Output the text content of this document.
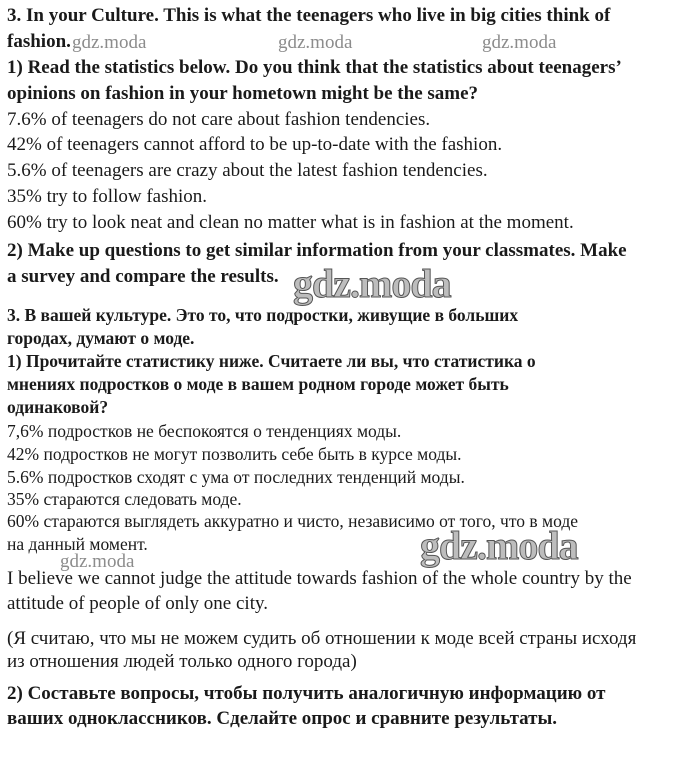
3. In your Culture. This is what the teenagers who live in big cities think of
fashion.
1) Read the statistics below. Do you think that the statistics about teenagers’
opinions on fashion in your hometown might be the same?
7.6% of teenagers do not care about fashion tendencies.
42% of teenagers cannot afford to be up-to-date with the fashion.
5.6% of teenagers are crazy about the latest fashion tendencies.
35% try to follow fashion.
60% try to look neat and clean no matter what is in fashion at the moment.
2) Make up questions to get similar information from your classmates. Make
a survey and compare the results.
3. В вашей культуре. Это то, что подростки, живущие в больших
городах, думают о моде.
1) Прочитайте статистику ниже. Считаете ли вы, что статистика о
мнениях подростков о моде в вашем родном городе может быть
одинаковой?
7,6% подростков не беспокоятся о тенденциях моды.
42% подростков не могут позволить себе быть в курсе моды.
5.6% подростков сходят с ума от последних тенденций моды.
35% стараются следовать моде.
60% стараются выглядеть аккуратно и чисто, независимо от того, что в моде
на данный момент.
I believe we cannot judge the attitude towards fashion of the whole country by the
attitude of people of only one city.
(Я считаю, что мы не можем судить об отношении к моде всей страны исходя
из отношения людей только одного города)
2) Составьте вопросы, чтобы получить аналогичную информацию от
ваших одноклассников. Сделайте опрос и сравните результаты.
gdz.moda	gdz.moda	gdz.moda
gdz.moda
gdz.moda
gdz.moda
